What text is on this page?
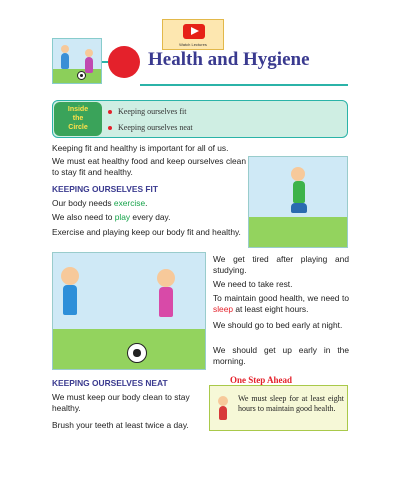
Watch Lectures
Health and Hygiene
Inside
the
Circle
Keeping ourselves fit
Keeping ourselves neat
Keeping fit and healthy is important for all of us.
We must eat healthy food and keep ourselves clean to stay fit and healthy.
KEEPING OURSELVES FIT
Our body needs exercise.
We also need to play every day.
Exercise and playing keep our body fit and healthy.
We get tired after playing and studying.
We need to take rest.
To maintain good health, we need to sleep at least eight hours.
We should go to bed early at night.
We should get up early in the morning.
KEEPING OURSELVES NEAT
We must keep our body clean to stay healthy.
Brush your teeth at least twice a day.
One Step Ahead
We must sleep for at least eight hours to maintain good health.
